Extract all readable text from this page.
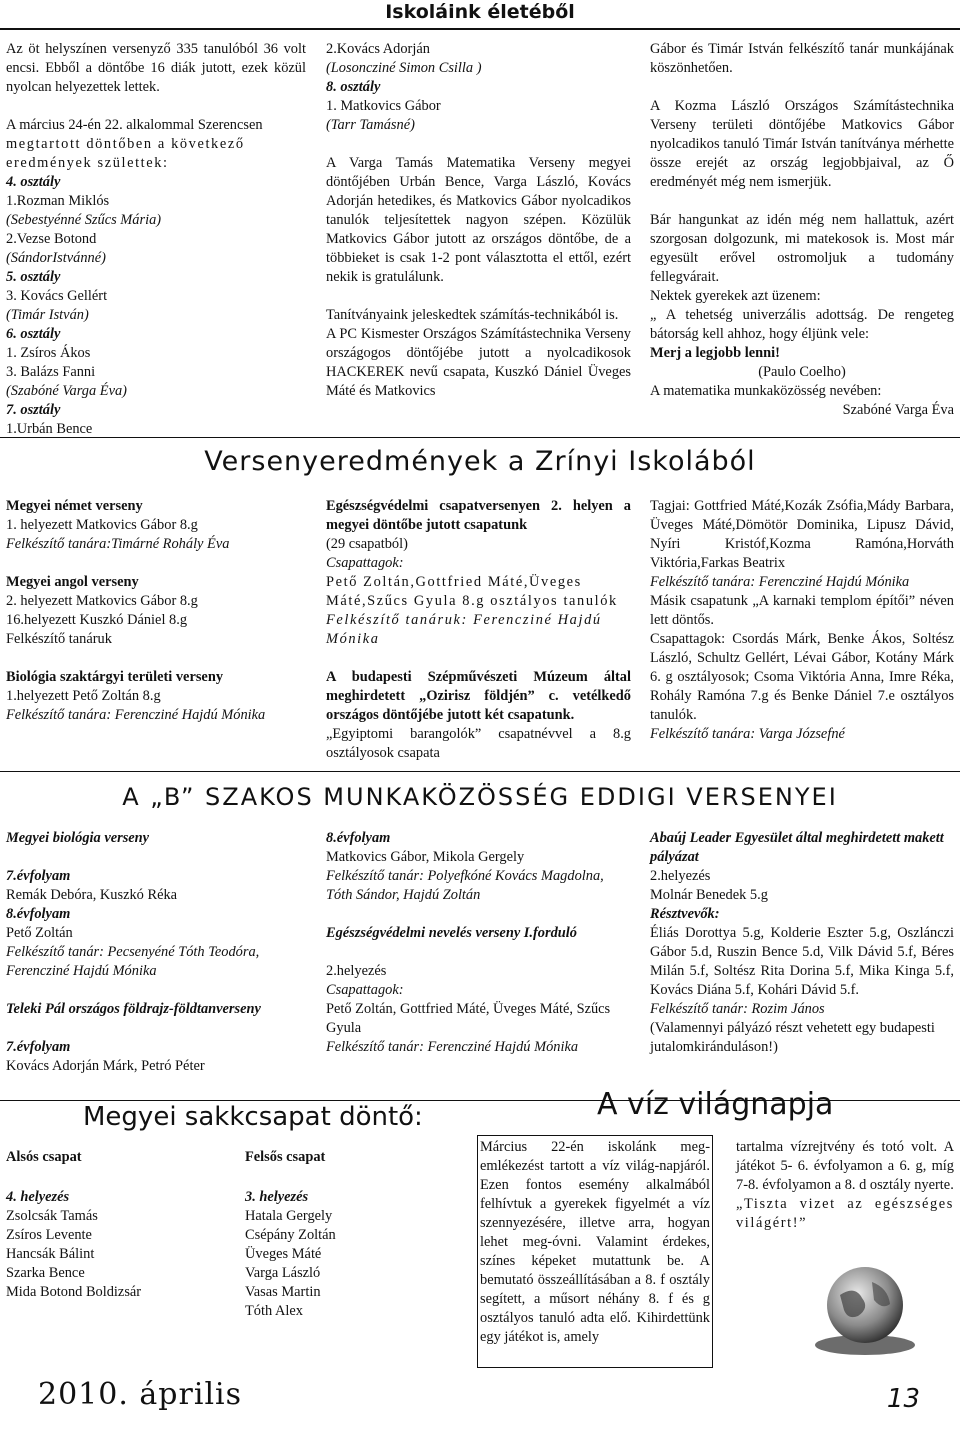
Iskoláink életéből

Az öt helyszínen versenyző 335 tanulóból 36 volt encsi. Ebből a döntőbe 16 diák jutott, ezek közül nyolcan helyezettek lettek.

A március 24-én 22. alkalommal Szerencsen

megtartott döntőben a következő

eredmények születtek:

4. osztály

1.Rozman Miklós

(Sebestyénné Szűcs Mária)

2.Vezse Botond

(SándorIstvánné)

5. osztály

3. Kovács Gellért

(Timár István)

6. osztály

1. Zsíros Ákos

3. Balázs Fanni

(Szabóné Varga Éva)

7. osztály

1.Urbán Bence

2.Kovács Adorján

(Losoncziné Simon Csilla )

8. osztály

1. Matkovics Gábor

(Tarr Tamásné)

A Varga Tamás Matematika Verseny megyei döntőjében Urbán Bence, Varga László, Kovács Adorján hetedikes, és Matkovics Gábor nyolcadikos tanulók teljesítettek nagyon szépen. Közülük Matkovics Gábor jutott az országos döntőbe, de a többieket is csak 1-2 pont választotta el ettől, ezért nekik is gratulálunk.

Tanítványaink jeleskedtek számítás-technikából is.

A PC Kismester Országos Számítástechnika Verseny országogos döntőjébe jutott a nyolcadikosok HACKEREK nevű csapata, Kuszkó Dániel Üveges Máté és Matkovics

Gábor és Timár István felkészítő tanár munkájának köszönhetően.

A Kozma László Országos Számítástechnika Verseny területi döntőjébe Matkovics Gábor nyolcadikos tanuló Timár István tanítványa mérhette össze erejét az ország legjobbjaival, az Ő eredményét még nem ismerjük.

Bár hangunkat az idén még nem hallattuk, azért szorgosan dolgozunk, mi matekosok is. Most már egyesült erővel ostromoljuk a tudomány fellegvárait.

Nektek gyerekek azt üzenem:

„ A tehetség univerzális adottság. De rengeteg bátorság kell ahhoz, hogy éljünk vele:

Merj a legjobb lenni!

(Paulo Coelho)

A matematika munkaközösség nevében:

Szabóné Varga Éva

Versenyeredmények a Zrínyi Iskolából

Megyei német verseny

1. helyezett Matkovics Gábor 8.g

Felkészítő tanára:Timárné Rohály Éva

Megyei angol verseny

2. helyezett Matkovics Gábor 8.g

16.helyezett Kuszkó Dániel 8.g

Felkészítő tanáruk

Biológia szaktárgyi területi verseny

1.helyezett Pető Zoltán 8.g

Felkészítő tanára: Ferencziné Hajdú Mónika

Egészségvédelmi csapatversenyen 2. helyen a megyei döntőbe jutott csapatunk

(29 csapatból)

Csapattagok:

Pető Zoltán,Gottfried Máté,Üveges Máté,Szűcs Gyula 8.g osztályos tanulók

Felkészítő tanáruk: Ferencziné Hajdú Mónika

A budapesti Szépművészeti Múzeum által meghirdetett „Ozirisz földjén” c. vetélkedő országos döntőjébe jutott két csapatunk.

„Egyiptomi barangolók” csapatnévvel a 8.g osztályosok csapata

Tagjai: Gottfried Máté,Kozák Zsófia,Mády Barbara, Üveges Máté,Dömötör Dominika, Lipusz Dávid, Nyíri Kristóf,Kozma Ramóna,Horváth Viktória,Farkas Beatrix

Felkészítő tanára: Ferencziné Hajdú Mónika

Másik csapatunk „A karnaki templom építői” néven lett döntős.

Csapattagok: Csordás Márk, Benke Ákos, Soltész László, Schultz Gellért, Lévai Gábor, Kotány Márk 6. g osztályosok; Csoma Viktória Anna, Imre Réka, Rohály Ramóna 7.g és Benke Dániel 7.e osztályos tanulók.

Felkészítő tanára: Varga Józsefné

A „B” SZAKOS MUNKAKÖZÖSSÉG EDDIGI VERSENYEI

Megyei biológia verseny

7.évfolyam

Remák Debóra, Kuszkó Réka

8.évfolyam

Pető Zoltán

Felkészítő tanár: Pecsenyéné Tóth Teodóra, Ferencziné Hajdú Mónika

Teleki Pál országos földrajz-földtanverseny

7.évfolyam

Kovács Adorján Márk, Petró Péter

8.évfolyam

Matkovics Gábor, Mikola Gergely

Felkészítő tanár: Polyefkóné Kovács Magdolna, Tóth Sándor, Hajdú Zoltán

Egészségvédelmi nevelés verseny I.forduló

2.helyezés

Csapattagok:

Pető Zoltán, Gottfried Máté, Üveges Máté, Szűcs Gyula

Felkészítő tanár: Ferencziné Hajdú Mónika

Abaúj Leader Egyesület által meghirdetett makett pályázat

2.helyezés

Molnár Benedek 5.g

Résztvevők:

Éliás Dorottya 5.g, Kolderie Eszter 5.g, Oszlánczi Gábor 5.d, Ruszin Bence 5.d, Vilk Dávid 5.f, Béres Milán 5.f, Soltész Rita Dorina 5.f, Mika Kinga 5.f, Kovács Diána 5.f, Kohári Dávid 5.f.

Felkészítő tanár: Rozim János

(Valamennyi pályázó részt vehetett egy budapesti jutalomkiránduláson!)

Megyei sakkcsapat döntő:

Alsós csapat

4. helyezés

Zsolcsák Tamás

Zsíros Levente

Hancsák Bálint

Szarka Bence

Mida Botond Boldizsár

Felsős csapat

3. helyezés

Hatala Gergely

Csépány Zoltán

Üveges Máté

Varga László

Vasas Martin

Tóth Alex

A víz világnapja

Március 22-én iskolánk meg-emlékezést tartott a víz világ-napjáról. Ezen fontos esemény alkalmából felhívtuk a gyerekek figyelmét a víz szennyezésére, illetve arra, hogyan lehet meg-óvni. Valamint érdekes, színes képeket mutattunk be. A bemutató összeállításában a 8. f osztály segített, a műsort néhány 8. f és g osztályos tanuló adta elő. Kihirdettünk egy játékot is, amely

tartalma vízrejtvény és totó volt. A játékot 5- 6. évfolyamon a 6. g, míg 7-8. évfolyamon a 8. d osztály nyerte.

„Tiszta vizet az egészséges világért!”

2010. április	13
